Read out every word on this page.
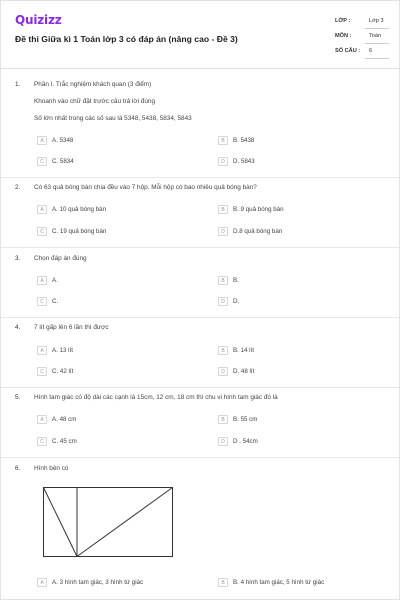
Quizizz
Đề thi Giữa kì 1 Toán lớp 3 có đáp án (nâng cao - Đề 3)
LỚP :	Lớp 3
MÔN :	Toán
SỐ CÂU : 6
1. Phần I. Trắc nghiệm khách quan (3 điểm)
Khoanh vào chữ đặt trước câu trả lời đúng
Số lớn nhất trong các số sau là 5348, 5438, 5834, 5843
A	A. 5348	B	B. 5438
C	C. 5834	D	D. 5843
2. Có 63 quả bóng bàn chia đều vào 7 hộp. Mỗi hộp có bao nhiêu quả bóng bàn?
A	A. 10 quả bóng bàn	B	B. 9 quả bóng bàn
C	C. 19 quả bóng bàn	D	D.8 quả bóng bàn
3. Chọn đáp án đúng
A	A.	B	B.
C	C.	D	D.
4. 7 lít gấp lên 6 lần thì được
A	A. 13 lít	B	B. 14 lít
C	C. 42 lít	D	D. 48 lít
5. Hình tam giác có độ dài các cạnh là 15cm, 12 cm, 18 cm thì chu vi hình tam giác đó là
A	A. 48 cm	B	B. 55 cm
C	C. 45 cm	D	D . 54cm
6. Hình bên có
A	A. 3 hình tam giác, 3 hình tứ giác	B	B. 4 hình tam giác, 5 hình tứ giác
